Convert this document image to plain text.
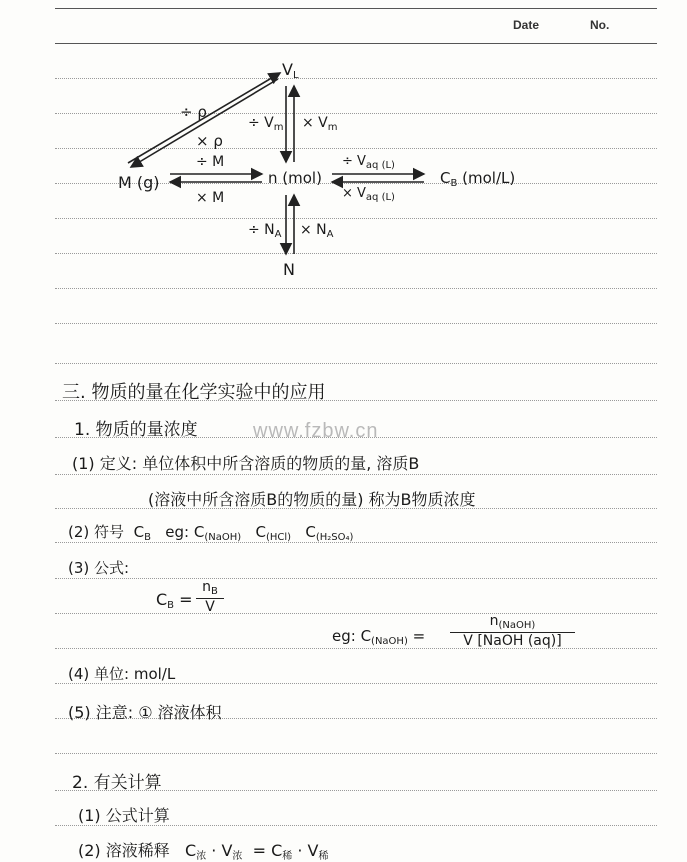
Date	No.
$V_L$
÷ ρ
× ρ
÷ $V_m \times V_m$
M (g)
÷ M
× M
n (mol)
÷ $V_{aq (L)}$
× $V_{aq (L)}$
$C_B$ (mol/L)
÷ $N_A \times N_A$
N
三. 物质的量在化学实验中的应用
1. 物质的量浓度
(1) 定义: 单位体积中所含溶质的物质的量, 溶质B
(溶液中所含溶质B的物质的量) 称为B物质浓度
(2) 符号 $C_B$ eg: $C_{(NaOH)}$ $C_{(HCl)}$ $C_{(H_2SO_4)}$
(3) 公式:
$C_B$ =
$n_B$
V
eg: $C_{(NaOH)}$ =
$n_{(NaOH)}$
V [NaOH (aq)]
(4) 单位: mol/L
(5) 注意: ① 溶液体积
2. 有关计算
(1) 公式计算
(2) 溶液稀释 $C_浓 \cdot V_浓 = C_稀 \cdot V_稀$
www.fzbw.cn
